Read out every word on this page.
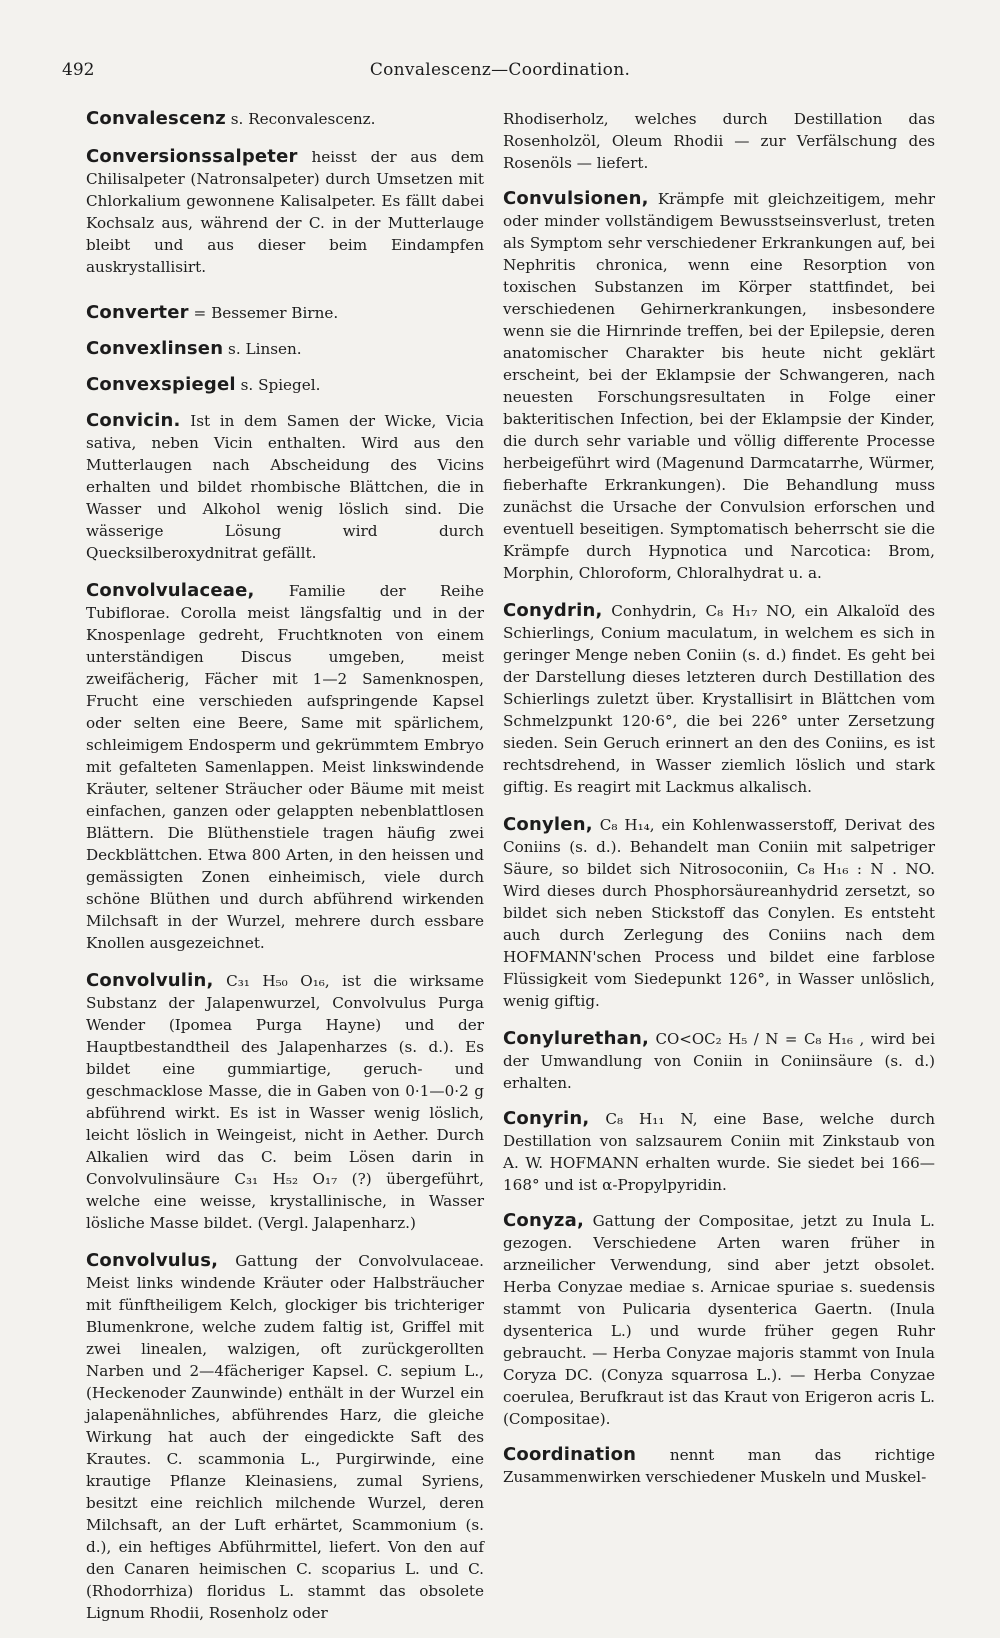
492	Convalescenz—Coordination.

Convalescenz s. Reconvalescenz.

Conversionssalpeter heisst der aus dem Chilisalpeter (Natronsalpeter) durch Umsetzen mit Chlorkalium gewonnene Kalisalpeter. Es fällt dabei Kochsalz aus, während der C. in der Mutterlauge bleibt und aus dieser beim Eindampfen auskrystallisirt.

Converter = Bessemer Birne.

Convexlinsen s. Linsen.

Convexspiegel s. Spiegel.

Convicin. Ist in dem Samen der Wicke, Vicia sativa, neben Vicin enthalten. Wird aus den Mutterlaugen nach Abscheidung des Vicins erhalten und bildet rhombische Blättchen, die in Wasser und Alkohol wenig löslich sind. Die wässerige Lösung wird durch Quecksilberoxydnitrat gefällt.

Convolvulaceae, Familie der Reihe Tubiflorae. Corolla meist längsfaltig und in der Knospenlage gedreht, Fruchtknoten von einem unterständigen Discus umgeben, meist zweifächerig, Fächer mit 1—2 Samenknospen, Frucht eine verschieden aufspringende Kapsel oder selten eine Beere, Same mit spärlichem, schleimigem Endosperm und gekrümmtem Embryo mit gefalteten Samenlappen. Meist linkswindende Kräuter, seltener Sträucher oder Bäume mit meist einfachen, ganzen oder gelappten nebenblattlosen Blättern. Die Blüthenstiele tragen häufig zwei Deckblättchen. Etwa 800 Arten, in den heissen und gemässigten Zonen einheimisch, viele durch schöne Blüthen und durch abführend wirkenden Milchsaft in der Wurzel, mehrere durch essbare Knollen ausgezeichnet.

Convolvulin, C₃₁ H₅₀ O₁₆, ist die wirksame Substanz der Jalapenwurzel, Convolvulus Purga Wender (Ipomea Purga Hayne) und der Hauptbestandtheil des Jalapenharzes (s. d.). Es bildet eine gummiartige, geruch- und geschmacklose Masse, die in Gaben von 0·1—0·2 g abführend wirkt. Es ist in Wasser wenig löslich, leicht löslich in Weingeist, nicht in Aether. Durch Alkalien wird das C. beim Lösen darin in Convolvulinsäure C₃₁ H₅₂ O₁₇ (?) übergeführt, welche eine weisse, krystallinische, in Wasser lösliche Masse bildet. (Vergl. Jalapenharz.)

Convolvulus, Gattung der Convolvulaceae. Meist links windende Kräuter oder Halbsträucher mit fünftheiligem Kelch, glockiger bis trichteriger Blumenkrone, welche zudem faltig ist, Griffel mit zwei linealen, walzigen, oft zurückgerollten Narben und 2—4fächeriger Kapsel. C. sepium L., (Heckenoder Zaunwinde) enthält in der Wurzel ein jalapenähnliches, abführendes Harz, die gleiche Wirkung hat auch der eingedickte Saft des Krautes. C. scammonia L., Purgirwinde, eine krautige Pflanze Kleinasiens, zumal Syriens, besitzt eine reichlich milchende Wurzel, deren Milchsaft, an der Luft erhärtet, Scammonium (s. d.), ein heftiges Abführmittel, liefert. Von den auf den Canaren heimischen C. scoparius L. und C. (Rhodorrhiza) floridus L. stammt das obsolete Lignum Rhodii, Rosenholz oder

Rhodiserholz, welches durch Destillation das Rosenholzöl, Oleum Rhodii — zur Verfälschung des Rosenöls — liefert.

Convulsionen, Krämpfe mit gleichzeitigem, mehr oder minder vollständigem Bewusstseinsverlust, treten als Symptom sehr verschiedener Erkrankungen auf, bei Nephritis chronica, wenn eine Resorption von toxischen Substanzen im Körper stattfindet, bei verschiedenen Gehirnerkrankungen, insbesondere wenn sie die Hirnrinde treffen, bei der Epilepsie, deren anatomischer Charakter bis heute nicht geklärt erscheint, bei der Eklampsie der Schwangeren, nach neuesten Forschungsresultaten in Folge einer bakteritischen Infection, bei der Eklampsie der Kinder, die durch sehr variable und völlig differente Processe herbeigeführt wird (Magenund Darmcatarrhe, Würmer, fieberhafte Erkrankungen). Die Behandlung muss zunächst die Ursache der Convulsion erforschen und eventuell beseitigen. Symptomatisch beherrscht sie die Krämpfe durch Hypnotica und Narcotica: Brom, Morphin, Chloroform, Chloralhydrat u. a.

Conydrin, Conhydrin, C₈ H₁₇ NO, ein Alkaloïd des Schierlings, Conium maculatum, in welchem es sich in geringer Menge neben Coniin (s. d.) findet. Es geht bei der Darstellung dieses letzteren durch Destillation des Schierlings zuletzt über. Krystallisirt in Blättchen vom Schmelzpunkt 120·6°, die bei 226° unter Zersetzung sieden. Sein Geruch erinnert an den des Coniins, es ist rechtsdrehend, in Wasser ziemlich löslich und stark giftig. Es reagirt mit Lackmus alkalisch.

Conylen, C₈ H₁₄, ein Kohlenwasserstoff, Derivat des Coniins (s. d.). Behandelt man Coniin mit salpetriger Säure, so bildet sich Nitrosoconiin, C₈ H₁₆ : N . NO. Wird dieses durch Phosphorsäureanhydrid zersetzt, so bildet sich neben Stickstoff das Conylen. Es entsteht auch durch Zerlegung des Coniins nach dem HOFMANN'schen Process und bildet eine farblose Flüssigkeit vom Siedepunkt 126°, in Wasser unlöslich, wenig giftig.

Conylurethan, CO<OC₂ H₅ / N = C₈ H₁₆ , wird bei der Umwandlung von Coniin in Coniinsäure (s. d.) erhalten.

Conyrin, C₈ H₁₁ N, eine Base, welche durch Destillation von salzsaurem Coniin mit Zinkstaub von A. W. HOFMANN erhalten wurde. Sie siedet bei 166—168° und ist α-Propylpyridin.

Conyza, Gattung der Compositae, jetzt zu Inula L. gezogen. Verschiedene Arten waren früher in arzneilicher Verwendung, sind aber jetzt obsolet. Herba Conyzae mediae s. Arnicae spuriae s. suedensis stammt von Pulicaria dysenterica Gaertn. (Inula dysenterica L.) und wurde früher gegen Ruhr gebraucht. — Herba Conyzae majoris stammt von Inula Coryza DC. (Conyza squarrosa L.). — Herba Conyzae coerulea, Berufkraut ist das Kraut von Erigeron acris L. (Compositae).

Coordination nennt man das richtige Zusammenwirken verschiedener Muskeln und Muskel-
